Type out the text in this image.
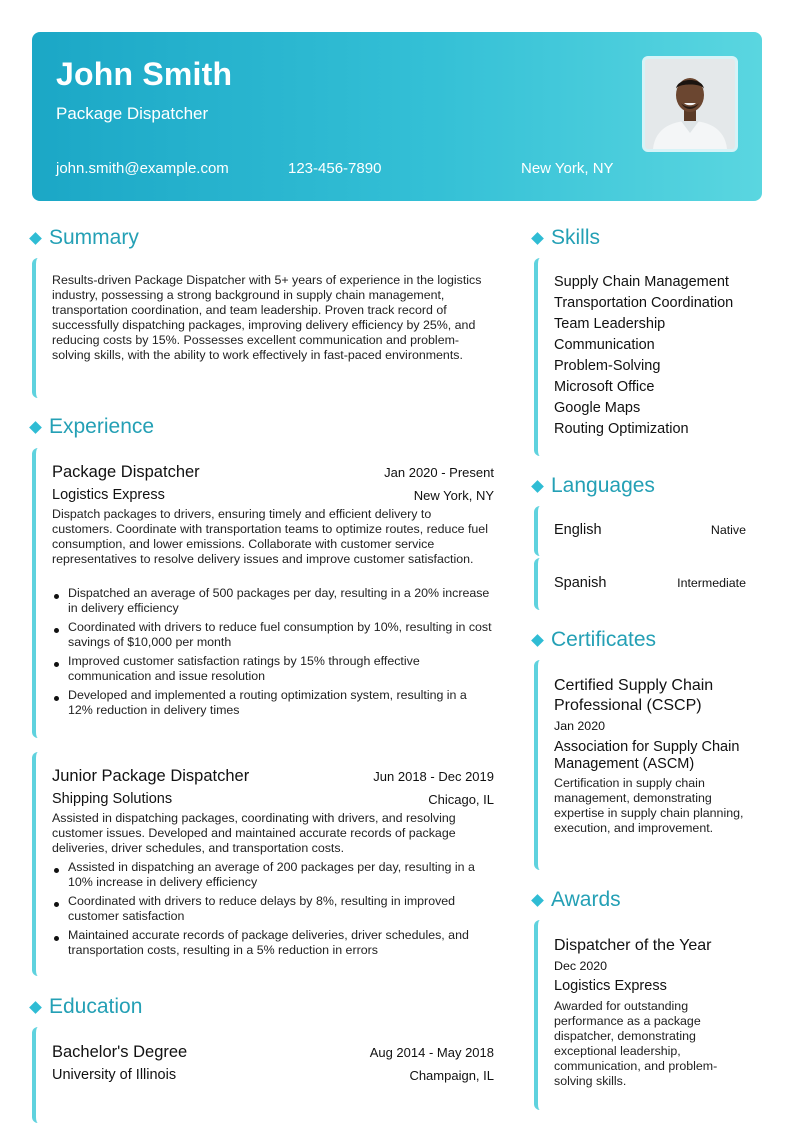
John Smith
Package Dispatcher
john.smith@example.com	123-456-7890	New York, NY
Summary
Results-driven Package Dispatcher with 5+ years of experience in the logistics industry, possessing a strong background in supply chain management, transportation coordination, and team leadership. Proven track record of successfully dispatching packages, improving delivery efficiency by 25%, and reducing costs by 15%. Possesses excellent communication and problem-solving skills, with the ability to work effectively in fast-paced environments.
Experience
Package Dispatcher	Jan 2020 - Present
Logistics Express	New York, NY
Dispatch packages to drivers, ensuring timely and efficient delivery to customers. Coordinate with transportation teams to optimize routes, reduce fuel consumption, and lower emissions. Collaborate with customer service representatives to resolve delivery issues and improve customer satisfaction.
Dispatched an average of 500 packages per day, resulting in a 20% increase in delivery efficiency
Coordinated with drivers to reduce fuel consumption by 10%, resulting in cost savings of $10,000 per month
Improved customer satisfaction ratings by 15% through effective communication and issue resolution
Developed and implemented a routing optimization system, resulting in a 12% reduction in delivery times
Junior Package Dispatcher	Jun 2018 - Dec 2019
Shipping Solutions	Chicago, IL
Assisted in dispatching packages, coordinating with drivers, and resolving customer issues. Developed and maintained accurate records of package deliveries, driver schedules, and transportation costs.
Assisted in dispatching an average of 200 packages per day, resulting in a 10% increase in delivery efficiency
Coordinated with drivers to reduce delays by 8%, resulting in improved customer satisfaction
Maintained accurate records of package deliveries, driver schedules, and transportation costs, resulting in a 5% reduction in errors
Education
Bachelor's Degree	Aug 2014 - May 2018
University of Illinois	Champaign, IL
Skills
Supply Chain Management
Transportation Coordination
Team Leadership
Communication
Problem-Solving
Microsoft Office
Google Maps
Routing Optimization
Languages
English	Native
Spanish	Intermediate
Certificates
Certified Supply Chain Professional (CSCP)
Jan 2020
Association for Supply Chain Management (ASCM)
Certification in supply chain management, demonstrating expertise in supply chain planning, execution, and improvement.
Awards
Dispatcher of the Year
Dec 2020
Logistics Express
Awarded for outstanding performance as a package dispatcher, demonstrating exceptional leadership, communication, and problem-solving skills.
